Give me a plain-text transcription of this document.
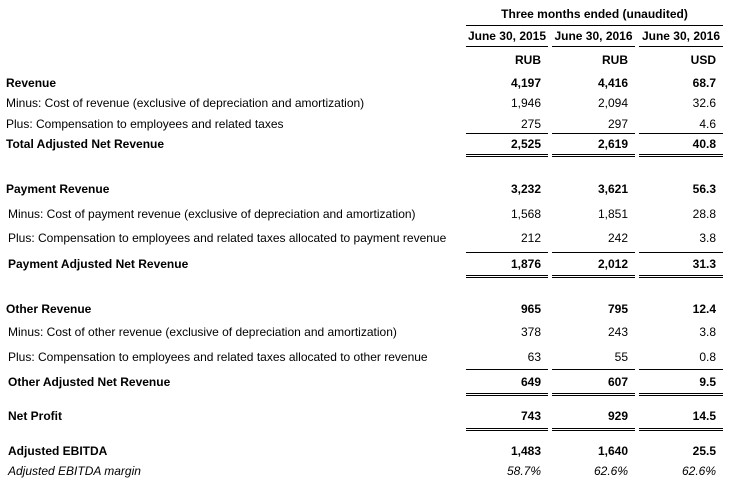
Three months ended (unaudited)
June 30, 2015 June 30, 2016 June 30, 2016
RUB	RUB	USD
Revenue	4,197	4,416	68.7
Minus: Cost of revenue (exclusive of depreciation and amortization)	1,946	2,094	32.6
Plus: Compensation to employees and related taxes	275	297	4.6
Total Adjusted Net Revenue	2,525	2,619	40.8
Payment Revenue	3,232	3,621	56.3
Minus: Cost of payment revenue (exclusive of depreciation and amortization)	1,568	1,851	28.8
Plus: Compensation to employees and related taxes allocated to payment revenue	212	242	3.8
Payment Adjusted Net Revenue	1,876	2,012	31.3
Other Revenue	965	795	12.4
Minus: Cost of other revenue (exclusive of depreciation and amortization)	378	243	3.8
Plus: Compensation to employees and related taxes allocated to other revenue	63	55	0.8
Other Adjusted Net Revenue	649	607	9.5
Net Profit	743	929	14.5
Adjusted EBITDA	1,483	1,640	25.5
Adjusted EBITDA margin	58.7%	62.6%	62.6%
